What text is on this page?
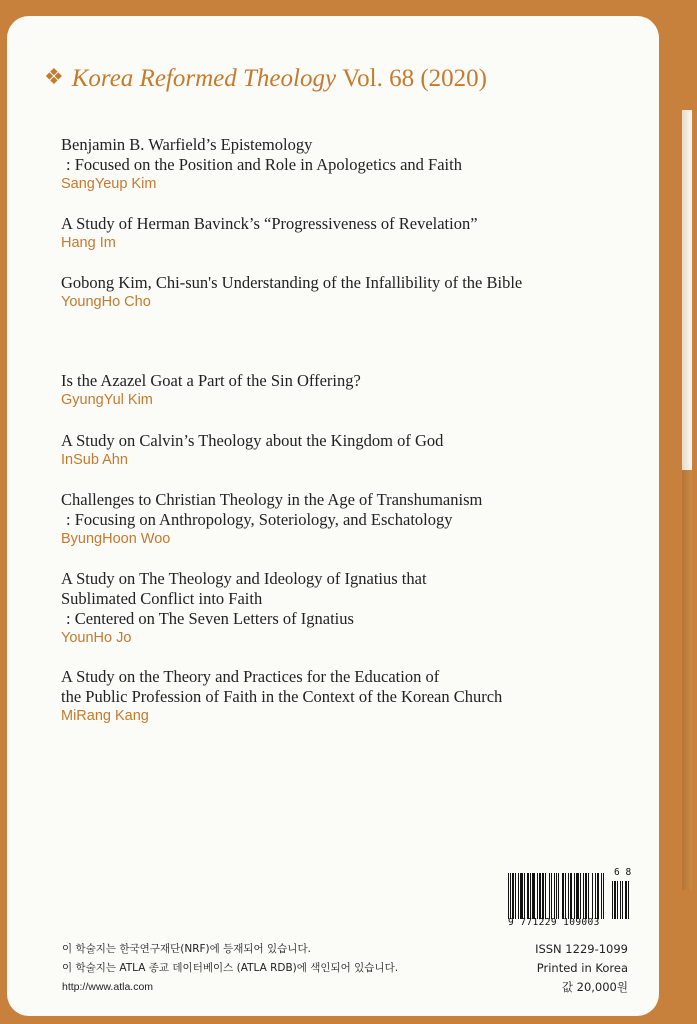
❖ Korea Reformed Theology Vol. 68 (2020)
Benjamin B. Warfield’s Epistemology
: Focused on the Position and Role in Apologetics and Faith
SangYeup Kim
A Study of Herman Bavinck’s “Progressiveness of Revelation”
Hang Im
Gobong Kim, Chi-sun's Understanding of the Infallibility of the Bible
YoungHo Cho
Is the Azazel Goat a Part of the Sin Offering?
GyungYul Kim
A Study on Calvin’s Theology about the Kingdom of God
InSub Ahn
Challenges to Christian Theology in the Age of Transhumanism
: Focusing on Anthropology, Soteriology, and Eschatology
ByungHoon Woo
A Study on The Theology and Ideology of Ignatius that
Sublimated Conflict into Faith
: Centered on The Seven Letters of Ignatius
YounHo Jo
A Study on the Theory and Practices for the Education of
the Public Profession of Faith in the Context of the Korean Church
MiRang Kang
9 771229 109003
6 8
이 학술지는 한국연구재단(NRF)에 등재되어 있습니다.
이 학술지는 ATLA 종교 데이터베이스 (ATLA RDB)에 색인되어 있습니다.
http://www.atla.com
ISSN 1229-1099
Printed in Korea
값 20,000원
